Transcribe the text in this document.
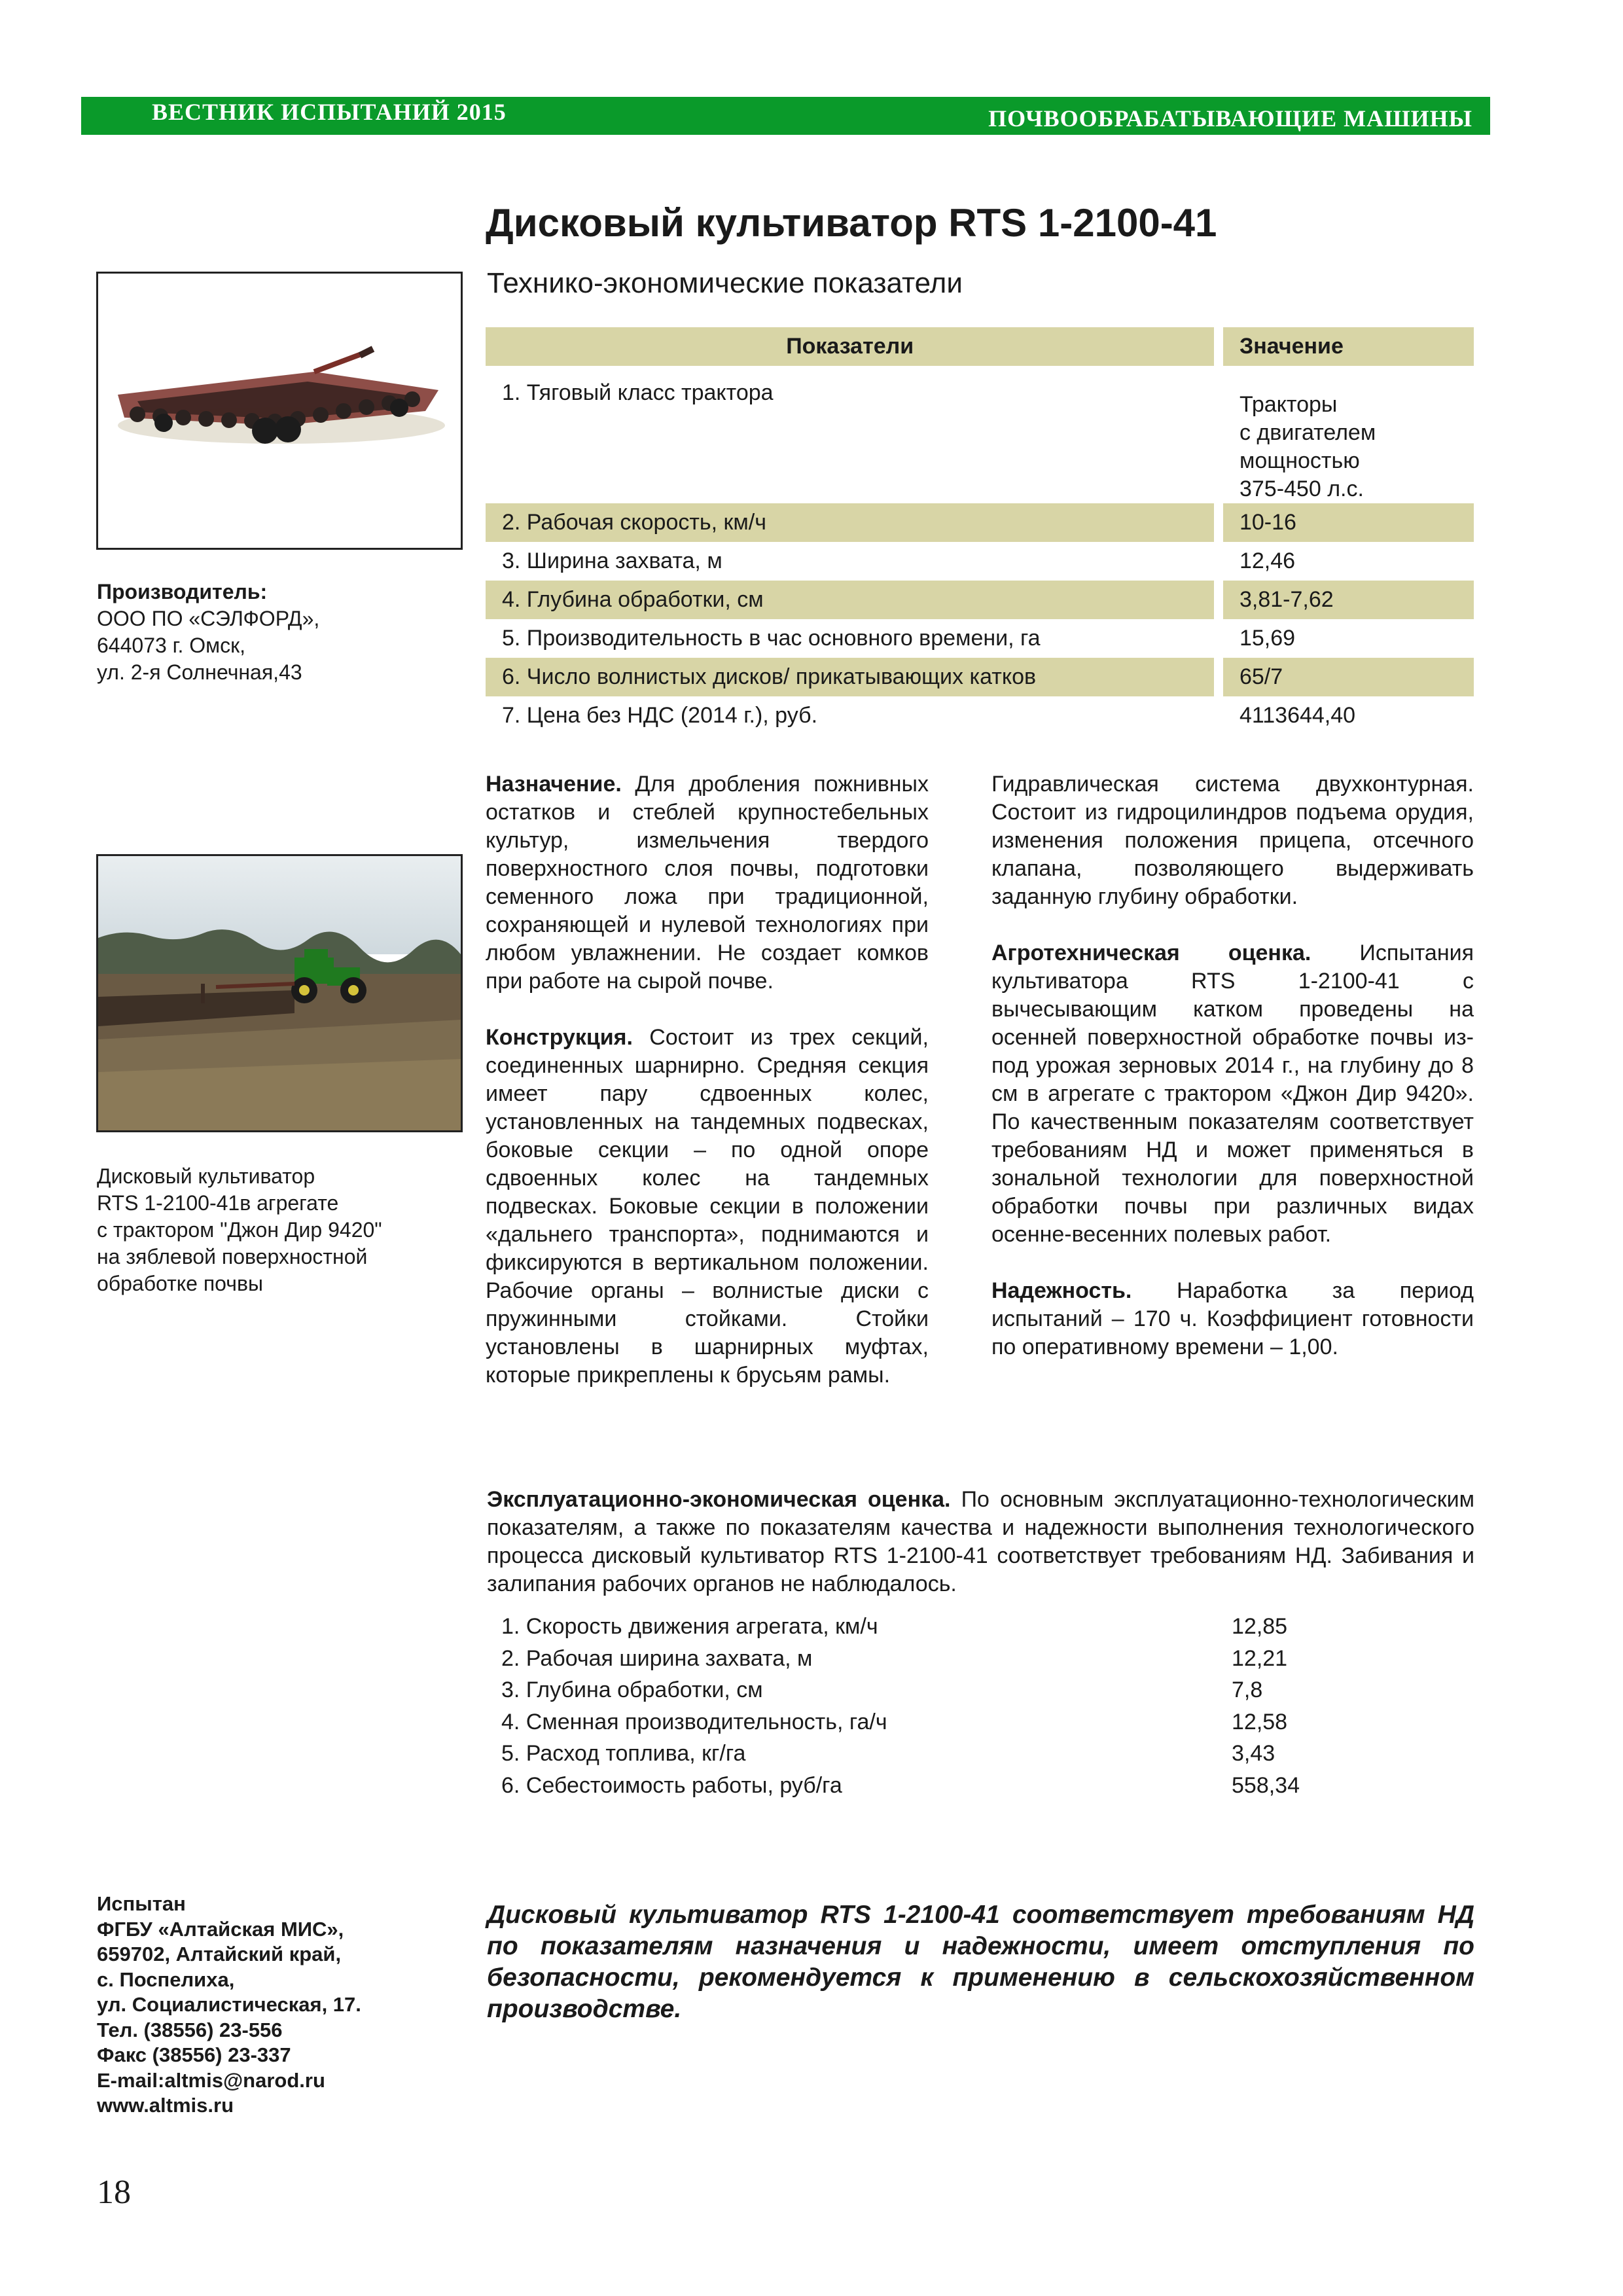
ВЕСТНИК ИСПЫТАНИЙ 2015	ПОЧВООБРАБАТЫВАЮЩИЕ МАШИНЫ
Дисковый культиватор RTS 1-2100-41
Технико-экономические показатели
Производитель:
ООО ПО «СЭЛФОРД»,
644073 г. Омск,
ул. 2-я Солнечная,43
Показатели		Значение

1. Тяговый класс трактора		Тракторы
с двигателем
мощностью
375-450 л.с.

2. Рабочая скорость, км/ч		10-16

3. Ширина захвата, м		12,46

4. Глубина обработки, см		3,81-7,62

5. Производительность в час основного времени, га		15,69

6. Число волнистых дисков/ прикатывающих катков		65/7

7. Цена без НДС (2014 г.), руб.		4113644,40
Дисковый культиватор
RTS 1-2100-41в агрегате
с трактором "Джон Дир 9420"
на зяблевой поверхностной
обработке почвы

Назначение. Для дробления пожнивных остатков и стеблей крупностебельных культур, измельчения твердого поверхностного слоя почвы, подготовки семенного ложа при традиционной, сохраняющей и нулевой технологиях при любом увлажнении. Не создает комков при работе на сырой почве.

Конструкция. Состоит из трех секций, соединенных шарнирно. Средняя секция имеет пару сдвоенных колес, установленных на тандемных подвесках, боковые секции – по одной опоре сдвоенных колес на тандемных подвесках. Боковые секции в положении «дальнего транспорта», поднимаются и фиксируются в вертикальном положении. Рабочие органы – волнистые диски с пружинными стойками. Стойки установлены в шарнирных муфтах, которые прикреплены к брусьям рамы.

Гидравлическая система двухконтурная. Состоит из гидроцилиндров подъема орудия, изменения положения прицепа, отсечного клапана, позволяющего выдерживать заданную глубину обработки.

Агротехническая оценка. Испытания культиватора RTS 1-2100-41 с вычесывающим катком проведены на осенней поверхностной обработке почвы из-под урожая зерновых 2014 г., на глубину до 8 см в агрегате с трактором «Джон Дир 9420». По качественным показателям соответствует требованиям НД и может применяться в зональной технологии для поверхностной обработки почвы при различных видах осенне-весенних полевых работ.

Надежность. Наработка за период испытаний – 170 ч. Коэффициент готовности по оперативному времени – 1,00.

Эксплуатационно-экономическая оценка. По основным эксплуатационно-технологическим показателям, а также по показателям качества и надежности выполнения технологического процесса дисковый культиватор RTS 1-2100-41 соответствует требованиям НД. Забивания и залипания рабочих органов не наблюдалось.
1. Скорость движения агрегата, км/ч	12,85
2. Рабочая ширина захвата, м	12,21
3. Глубина обработки, см	7,8
4. Сменная производительность, га/ч	12,58
5. Расход топлива, кг/га	3,43
6. Себестоимость работы, руб/га	558,34
Испытан
ФГБУ «Алтайская МИС»,
659702, Алтайский край,
с. Поспелиха,
ул. Социалистическая, 17.
Тел. (38556) 23-556
Факс (38556) 23-337
E-mail:altmis@narod.ru
www.altmis.ru
Дисковый культиватор RTS 1-2100-41 соответствует требованиям НД по показателям назначения и надежности, имеет отступления по безопасности, рекомендуется к применению в сельскохозяйственном производстве.
18
